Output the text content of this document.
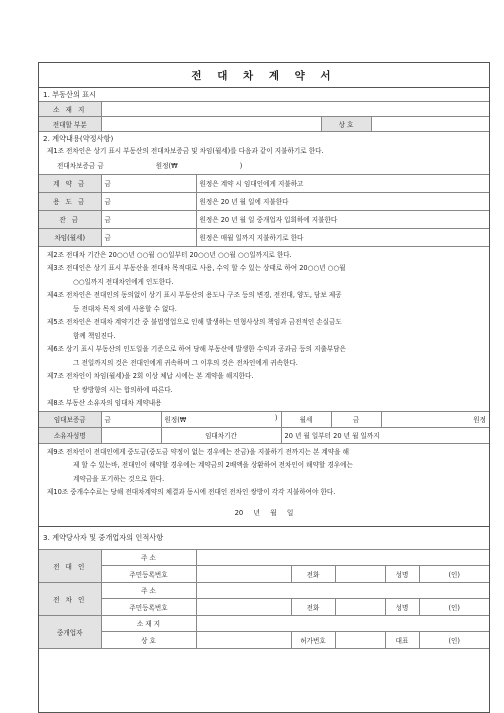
전 대 차 계 약 서
1. 부동산의 표시
소 재 지			
전대할 부분		상 호	
2. 계약내용(약정사항)
제1조 전차인은 상기 표시 부동산의 전대차보증금 및 차임(월세)를 다음과 같이 지불하기로 한다.
전대차보증금 금	원정(₩	)
계 약 금	금	원정은 계약 시 임대인에게 지불하고
용 도 금	금	원정은 20 년 월 일에 지불한다
잔 금	금	원정은 20 년 월 일 중개업자 입회하에 지불한다
차임(월세)	금	원정은 매월 일까지 지불하기로 한다
제2조 전대차 기간은 20○○년 ○○월 ○○일부터 20○○년 ○○월 ○○일까지로 한다.
제3조 전대인은 상기 표시 부동산을 전대차 목적대로 사용, 수익 할 수 있는 상태로 하여 20○○년 ○○월
○○일까지 전대차인에게 인도한다.
제4조 전차인은 전대인의 동의없이 상기 표시 부동산의 용도나 구조 등의 변경, 전전대, 양도, 담보 제공
등 전대차 목적 외에 사용할 수 없다.
제5조 전차인은 전대차 계약기간 중 불법영업으로 인해 발생하는 민형사상의 책임과 금전적인 손실금도
함께 책임진다.
제6조 상기 표시 부동산의 인도일을 기준으로 하여 당해 부동산에 발생한 수익과 공과금 등의 지출부담은
그 전일까지의 것은 전대인에게 귀속하며 그 이후의 것은 전차인에게 귀속한다.
제7조 전차인이 차임(월세)을 2회 이상 체납 시에는 본 계약을 해지한다.
단 쌍방향의 시는 합의하에 따른다.
제8조 부동산 소유자의 임대차 계약내용
임대보증금	금	원정(₩ )	월세	금	원정
소유자성명		임대차기간	20 년 월 일부터 20 년 월 일까지		
제9조 전차인이 전대인에게 중도금(중도금 약정이 없는 경우에는 잔금)을 지불하기 전까지는 본 계약을 해
제 할 수 있는바, 전대인이 해약할 경우에는 계약금의 2배액을 상환하여 전차인이 해약할 경우에는
계약금을 포기하는 것으로 한다.
제10조 중개수수료는 당해 전대차계약의 체결과 동시에 전대인 전차인 쌍방이 각각 지불하여야 한다.
20 년 월 일
3. 계약당사자 및 중개업자의 인적사항
전 대 인	주 소					
	주민등록번호		전화		성명	(인)
전 차 인	주 소					
	주민등록번호		전화		성명	(인)
중개업자	소 재 지					
	상 호		허가번호		대표	(인)
